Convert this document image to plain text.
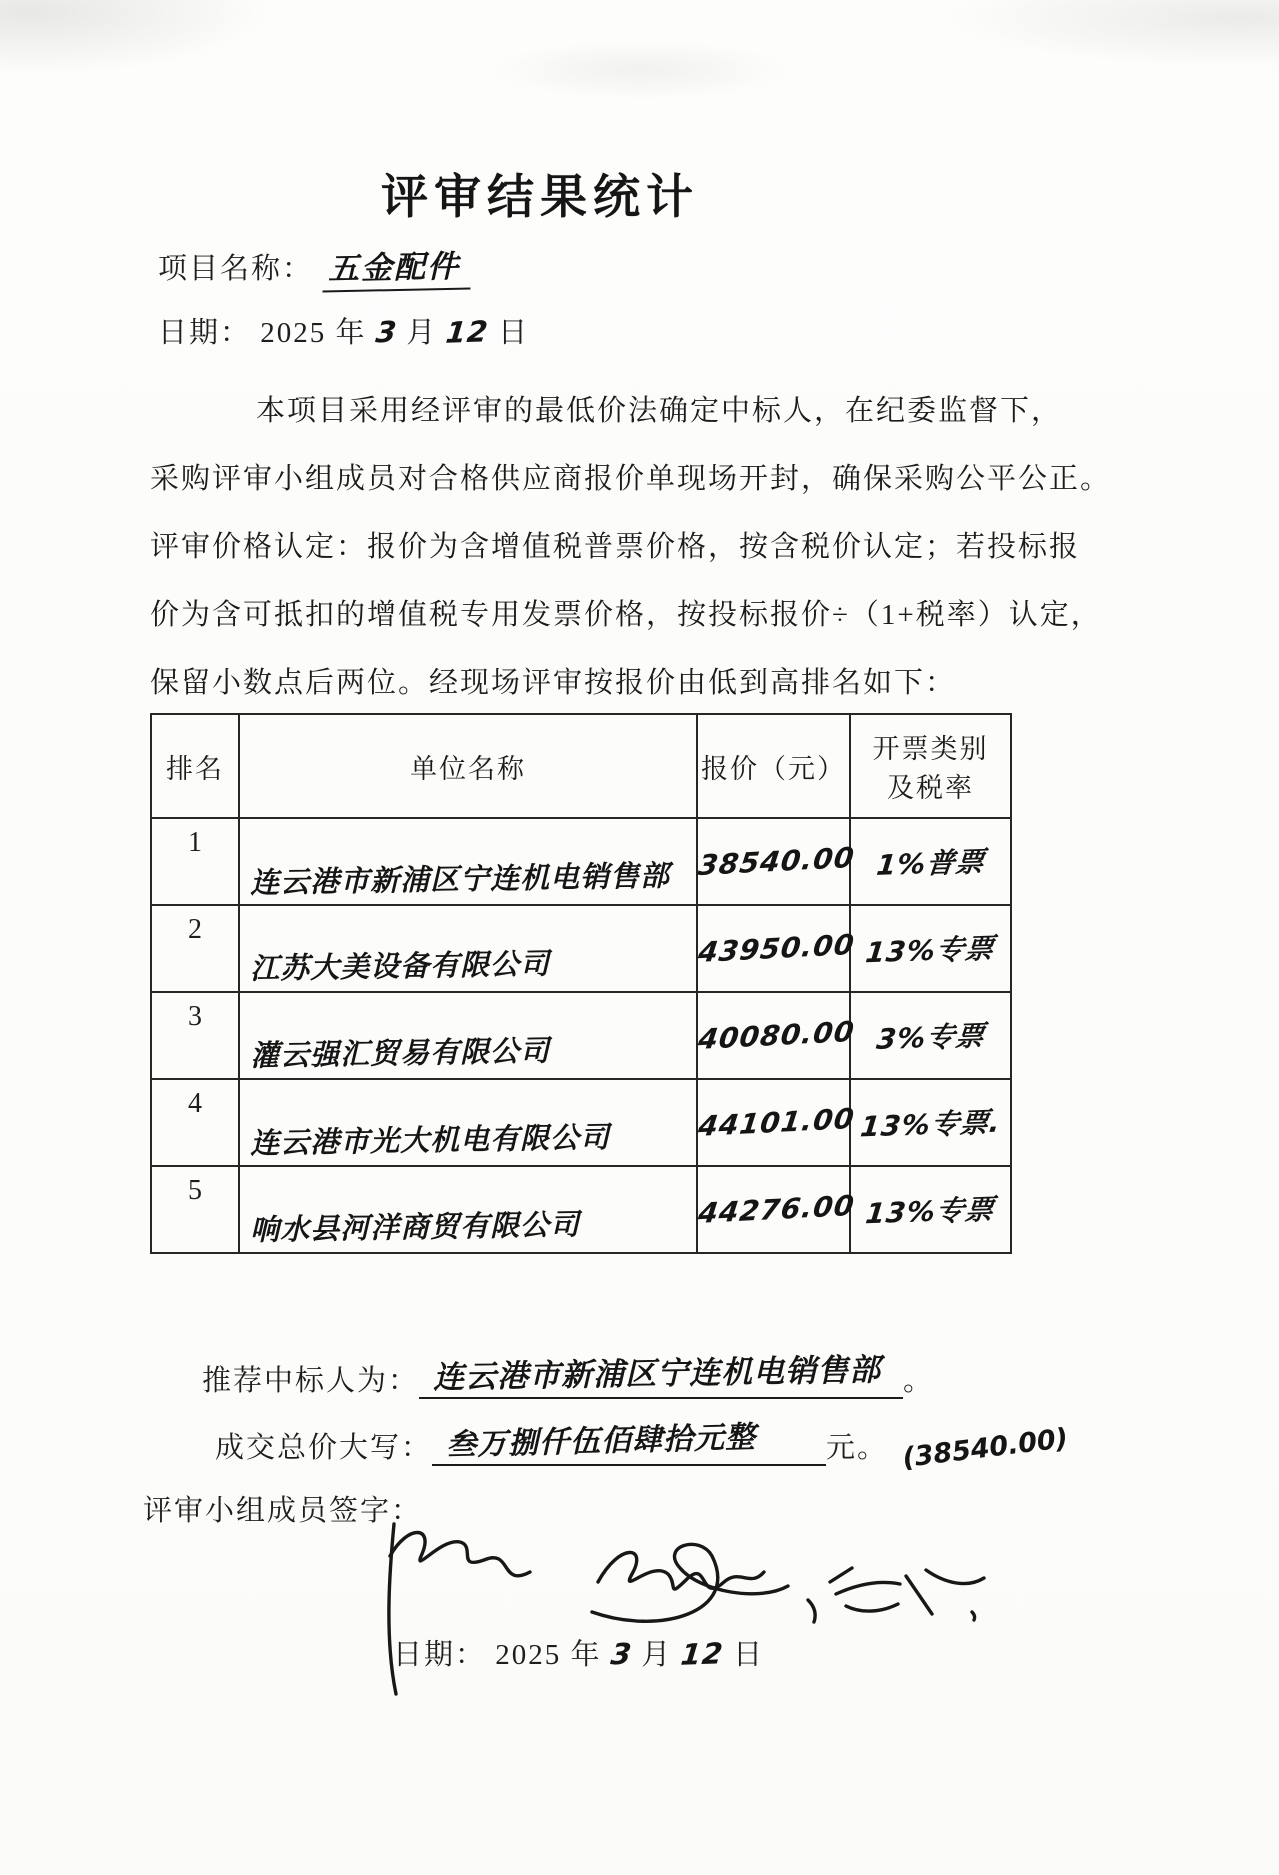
评审结果统计
项目名称： 五金配件
日期： 2025 年 3 月 12 日
本项目采用经评审的最低价法确定中标人，在纪委监督下，
采购评审小组成员对合格供应商报价单现场开封，确保采购公平公正。
评审价格认定：报价为含增值税普票价格，按含税价认定；若投标报
价为含可抵扣的增值税专用发票价格，按投标报价÷（1+税率）认定，
保留小数点后两位。经现场评审按报价由低到高排名如下：
排名	单位名称	报价（元）	开票类别及税率
1	连云港市新浦区宁连机电销售部	38540.00	1%普票
2	江苏大美设备有限公司	43950.00	13%专票
3	灌云强汇贸易有限公司	40080.00	3%专票
4	连云港市光大机电有限公司	44101.00	13%专票.
5	响水县河洋商贸有限公司	44276.00	13%专票
推荐中标人为： 连云港市新浦区宁连机电销售部 。
成交总价大写： 叁万捌仟伍佰肆拾元整 元。 (38540.00)
评审小组成员签字：
日期： 2025 年 3 月 12 日
